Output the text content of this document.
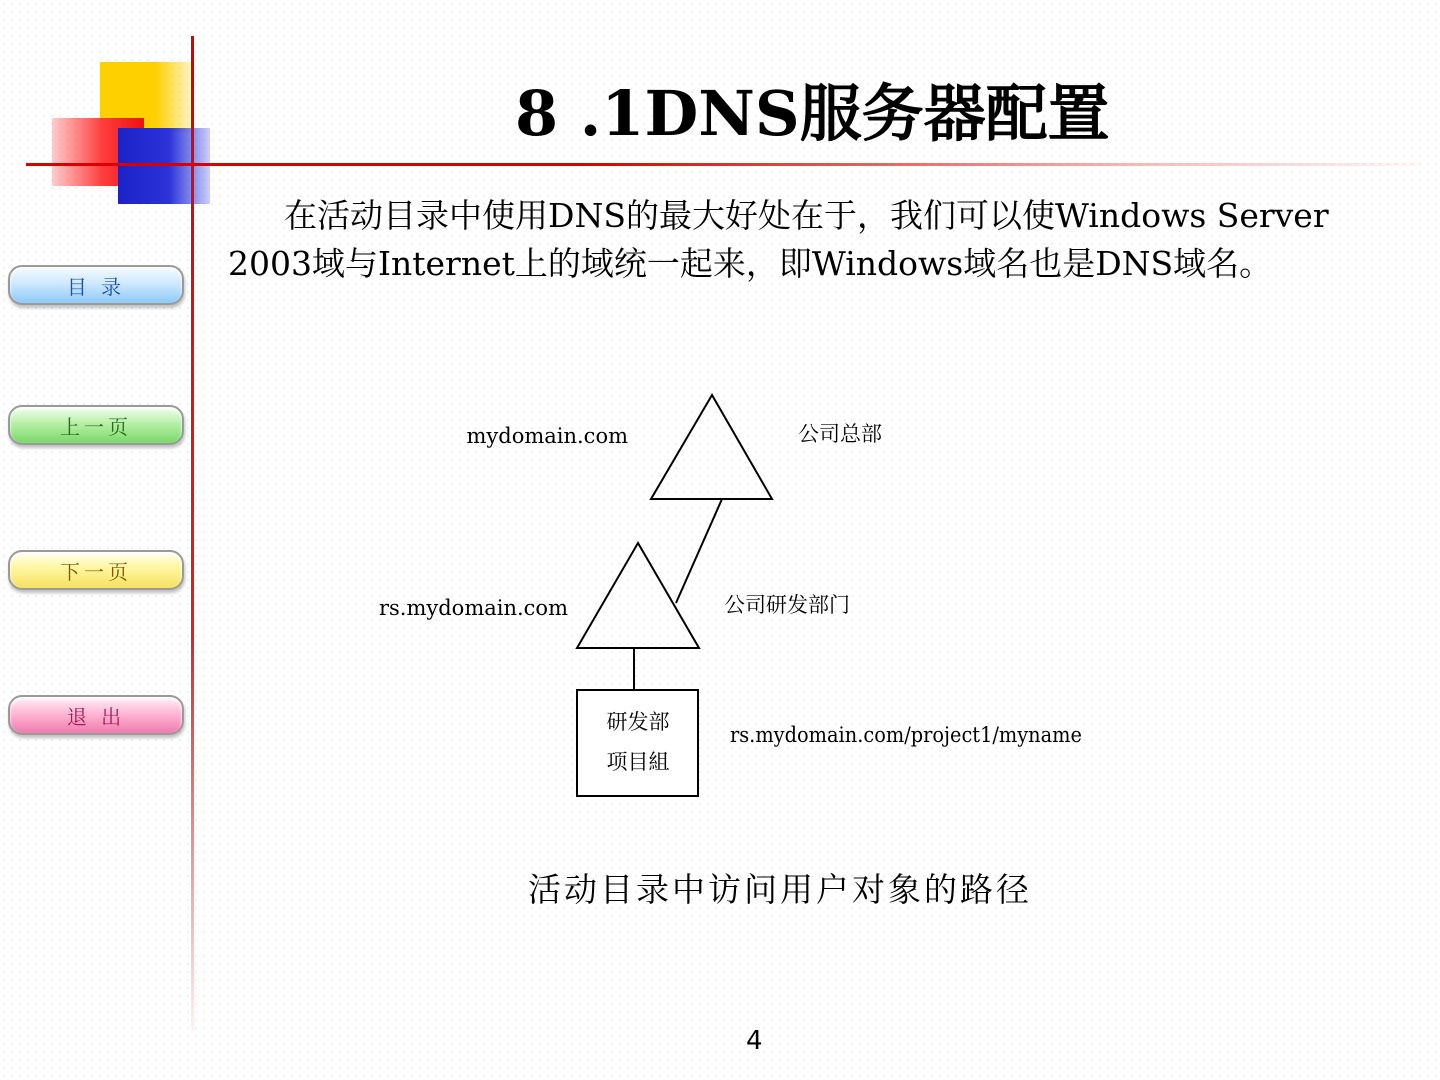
目 录
上一页
下一页
退 出
8 .1DNS服务器配置

在活动目录中使用DNS的最大好处在于，我们可以使Windows Server 2003域与Internet上的域统一起来，即Windows域名也是DNS域名。

mydomain.com	公司总部
rs.mydomain.com	公司研发部门
研发部
项目組
rs.mydomain.com/project1/myname

活动目录中访问用户对象的路径

4
